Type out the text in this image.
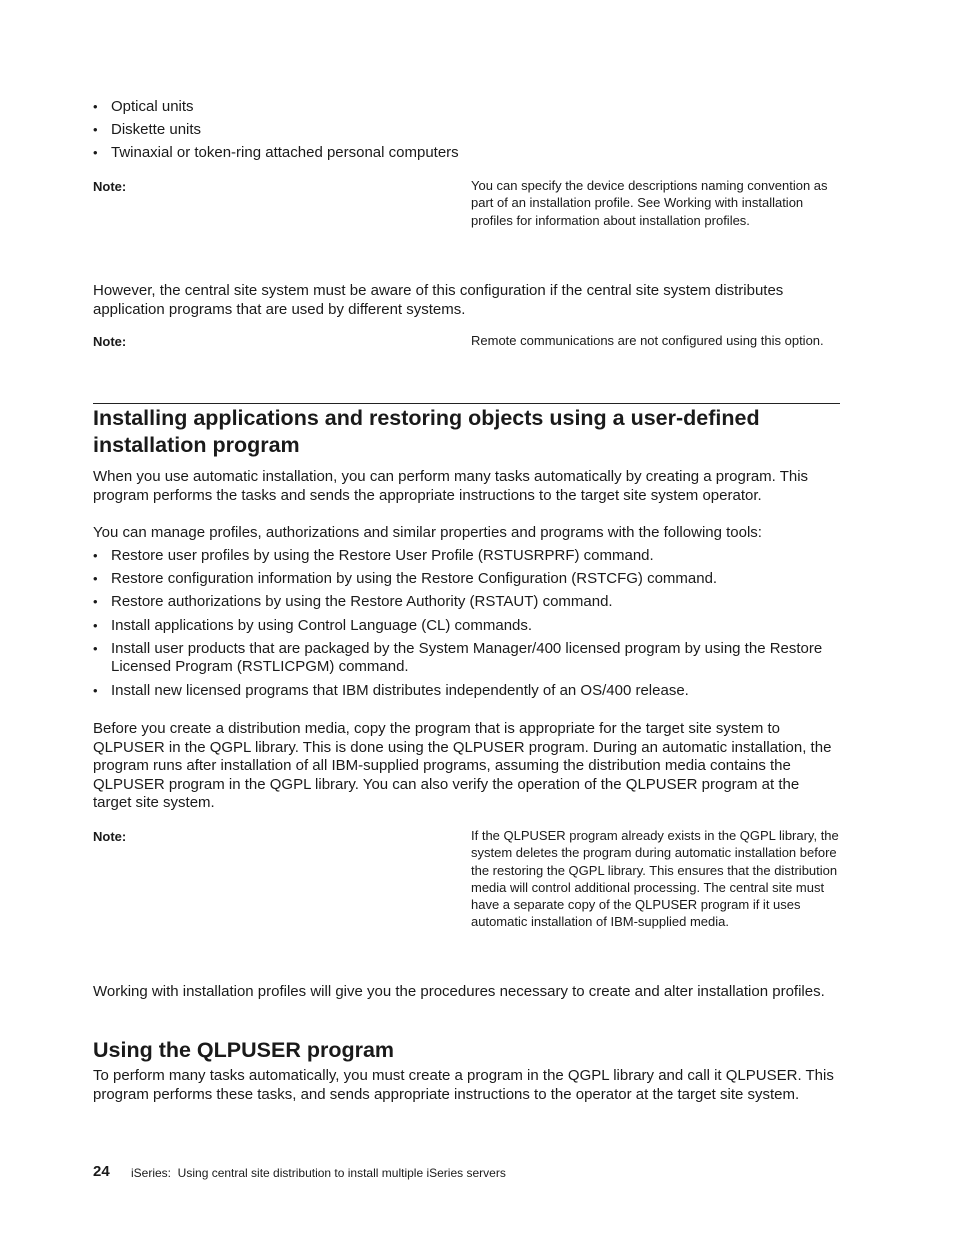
• Optical units
• Diskette units
• Twinaxial or token-ring attached personal computers
Note:	You can specify the device descriptions naming convention as part of an installation profile. See Working with installation profiles for information about installation profiles.

However, the central site system must be aware of this configuration if the central site system distributes application programs that are used by different systems.

Note:	Remote communications are not configured using this option.
Installing applications and restoring objects using a user-defined installation program

When you use automatic installation, you can perform many tasks automatically by creating a program. This program performs the tasks and sends the appropriate instructions to the target site system operator.

You can manage profiles, authorizations and similar properties and programs with the following tools:

• Restore user profiles by using the Restore User Profile (RSTUSRPRF) command.
• Restore configuration information by using the Restore Configuration (RSTCFG) command.
• Restore authorizations by using the Restore Authority (RSTAUT) command.
• Install applications by using Control Language (CL) commands.
• Install user products that are packaged by the System Manager/400 licensed program by using the Restore Licensed Program (RSTLICPGM) command.
• Install new licensed programs that IBM distributes independently of an OS/400 release.

Before you create a distribution media, copy the program that is appropriate for the target site system to QLPUSER in the QGPL library. This is done using the QLPUSER program. During an automatic installation, the program runs after installation of all IBM-supplied programs, assuming the distribution media contains the QLPUSER program in the QGPL library. You can also verify the operation of the QLPUSER program at the target site system.

Note:	If the QLPUSER program already exists in the QGPL library, the system deletes the program during automatic installation before the restoring the QGPL library. This ensures that the distribution media will control additional processing. The central site must have a separate copy of the QLPUSER program if it uses automatic installation of IBM-supplied media.

Working with installation profiles will give you the procedures necessary to create and alter installation profiles.

Using the QLPUSER program

To perform many tasks automatically, you must create a program in the QGPL library and call it QLPUSER. This program performs these tasks, and sends appropriate instructions to the operator at the target site system.

24 iSeries:  Using central site distribution to install multiple iSeries servers
